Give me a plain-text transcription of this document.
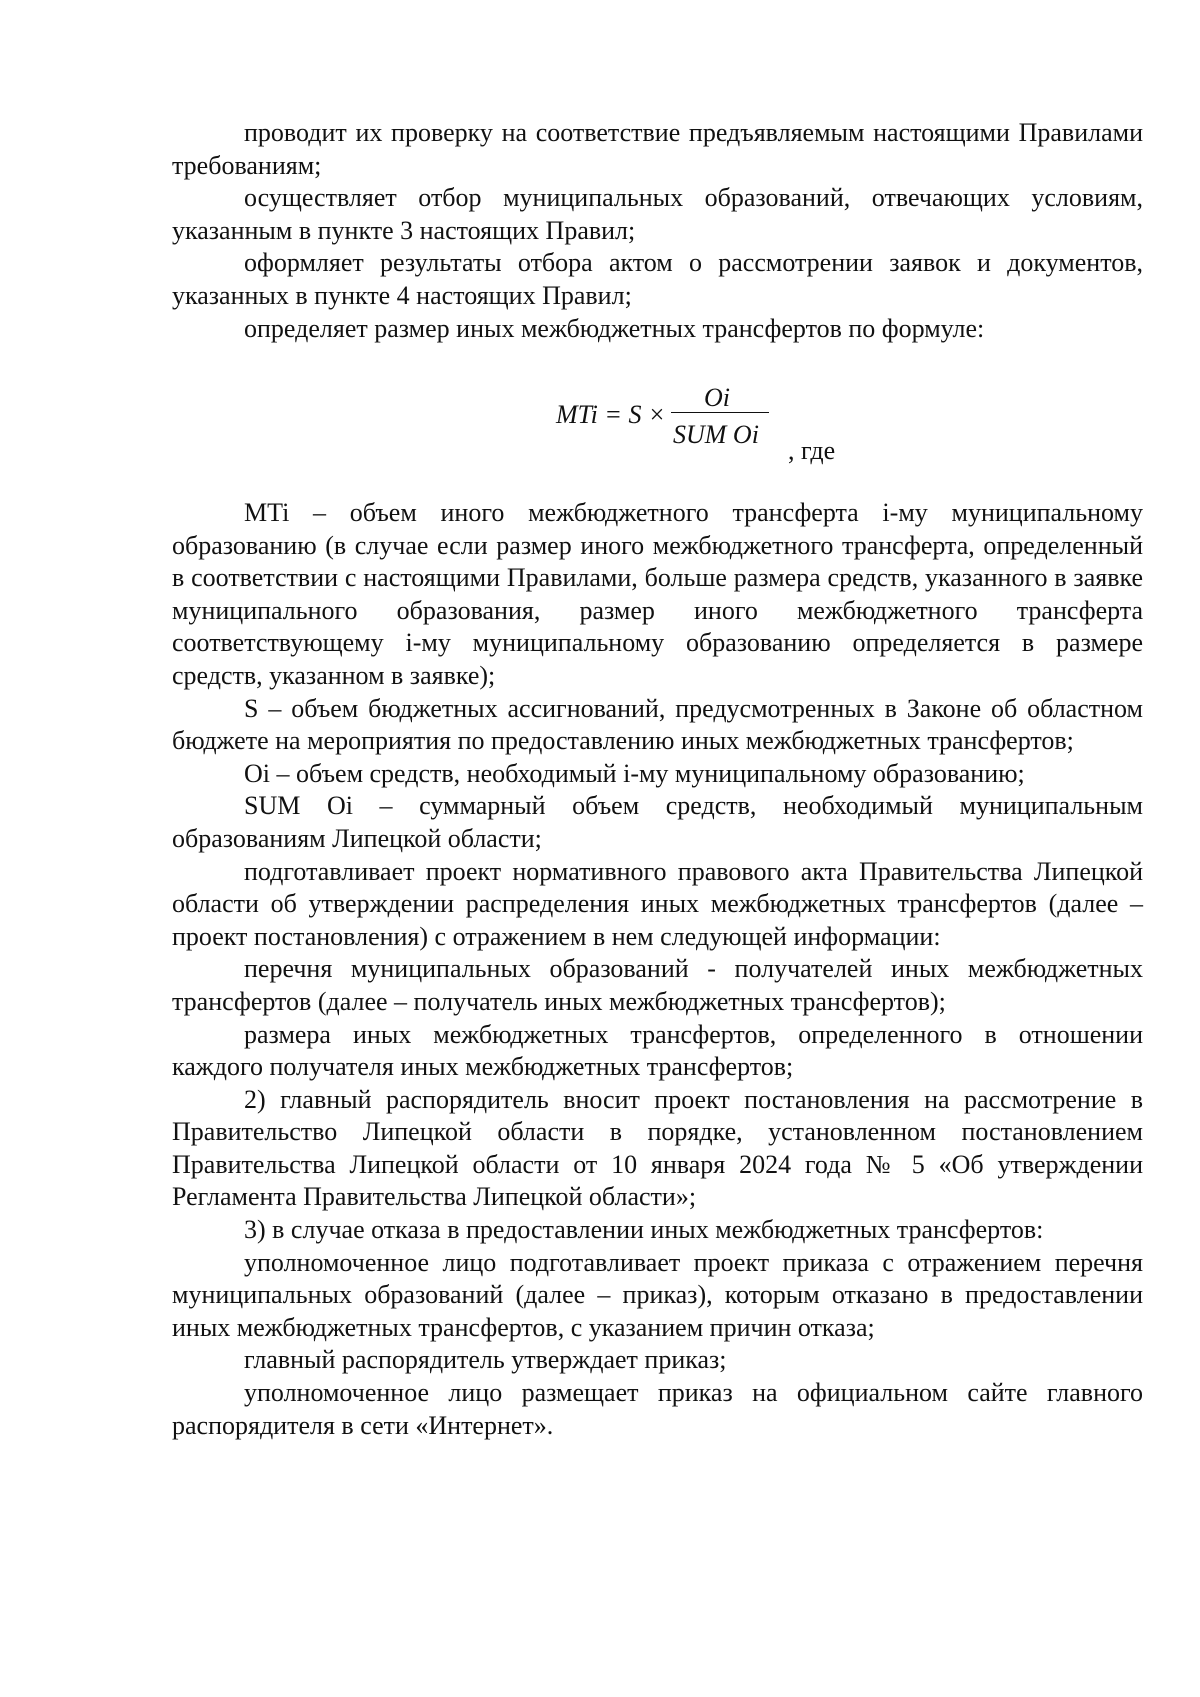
проводит их проверку на соответствие предъявляемым настоящими Правилами требованиям;

осуществляет отбор муниципальных образований, отвечающих условиям, указанным в пункте 3 настоящих Правил;

оформляет результаты отбора актом о рассмотрении заявок и документов, указанных в пункте 4 настоящих Правил;

определяет размер иных межбюджетных трансфертов по формуле:

MTi = S ×
Oi
SUM Oi
, где

MTi – объем иного межбюджетного трансферта i-му муниципальному образованию (в случае если размер иного межбюджетного трансферта, определенный в соответствии с настоящими Правилами, больше размера средств, указанного в заявке муниципального образования, размер иного межбюджетного трансферта соответствующему i-му муниципальному образованию определяется в размере средств, указанном в заявке);

S – объем бюджетных ассигнований, предусмотренных в Законе об областном бюджете на мероприятия по предоставлению иных межбюджетных трансфертов;

Oi – объем средств, необходимый i-му муниципальному образованию;

SUM Oi – суммарный объем средств, необходимый муниципальным образованиям Липецкой области;

подготавливает проект нормативного правового акта Правительства Липецкой области об утверждении распределения иных межбюджетных трансфертов (далее – проект постановления) с отражением в нем следующей информации:

перечня муниципальных образований - получателей иных межбюджетных трансфертов (далее – получатель иных межбюджетных трансфертов);

размера иных межбюджетных трансфертов, определенного в отношении каждого получателя иных межбюджетных трансфертов;

2) главный распорядитель вносит проект постановления на рассмотрение в Правительство Липецкой области в порядке, установленном постановлением Правительства Липецкой области от 10 января 2024 года № 5 «Об утверждении Регламента Правительства Липецкой области»;

3) в случае отказа в предоставлении иных межбюджетных трансфертов:

уполномоченное лицо подготавливает проект приказа с отражением перечня муниципальных образований (далее – приказ), которым отказано в предоставлении иных межбюджетных трансфертов, с указанием причин отказа;

главный распорядитель утверждает приказ;

уполномоченное лицо размещает приказ на официальном сайте главного распорядителя в сети «Интернет».
